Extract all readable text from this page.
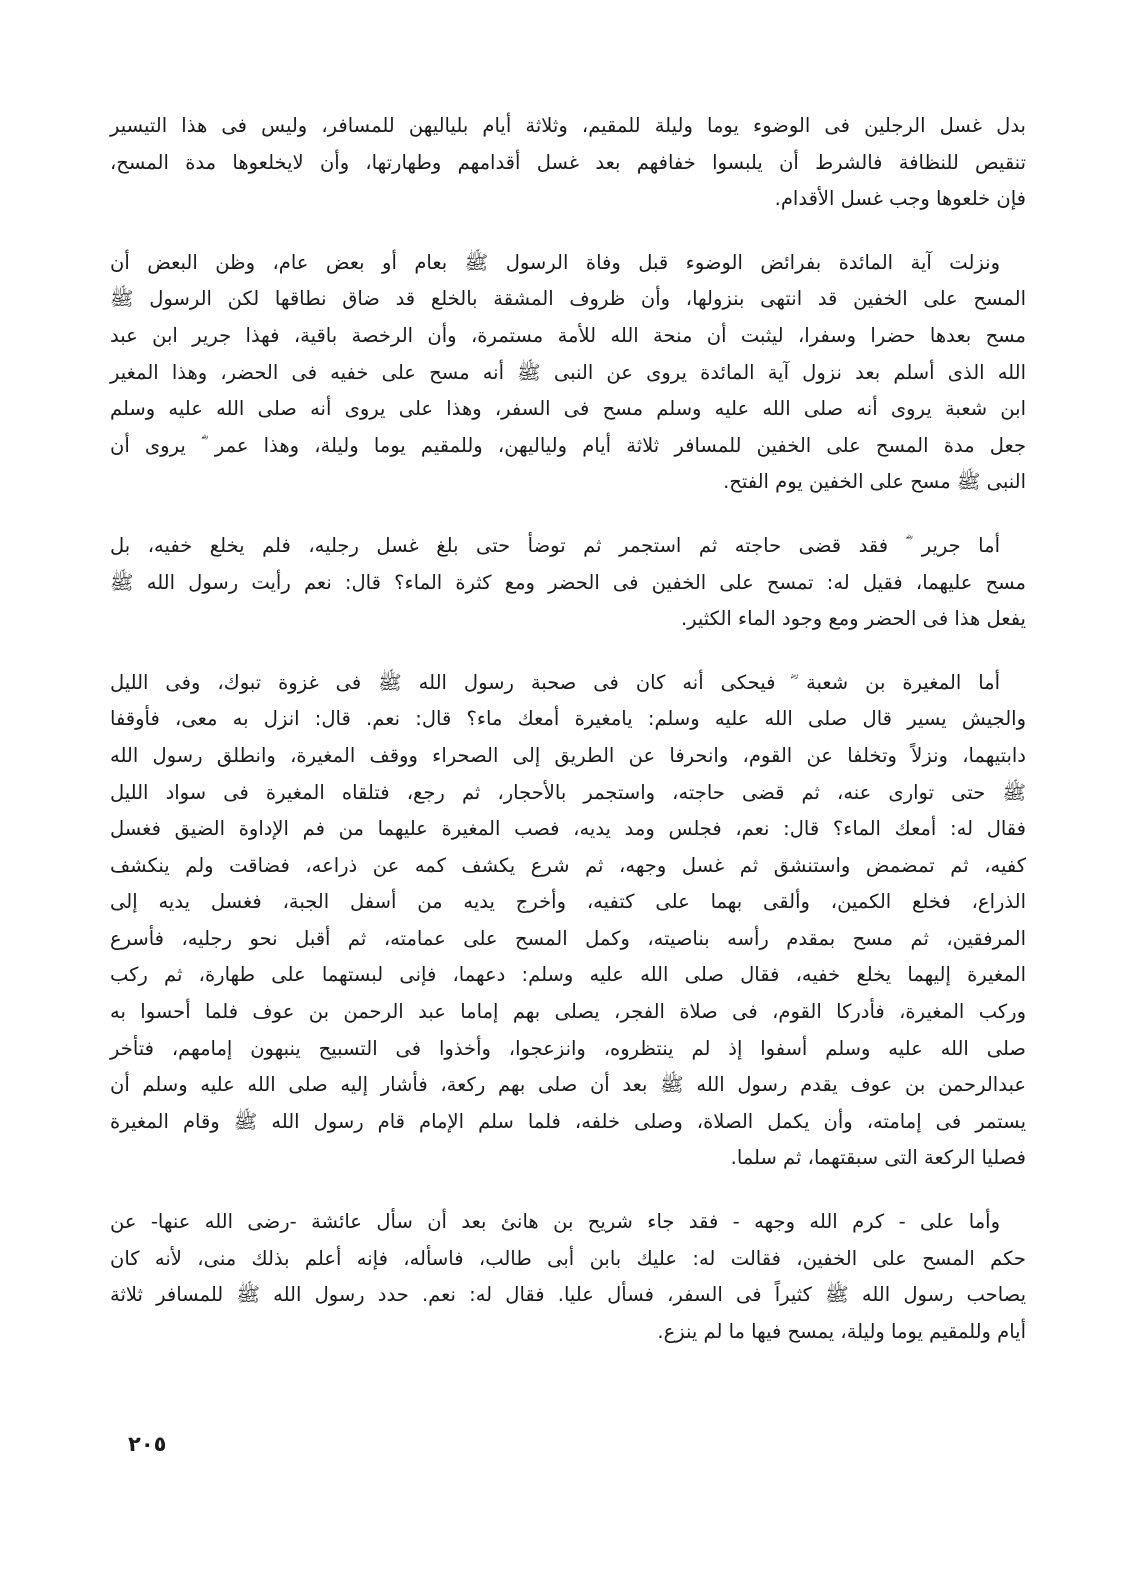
بدل غسل الرجلين فى الوضوء يوما وليلة للمقيم، وثلاثة أيام بلياليهن للمسافر، وليس فى هذا التيسير
تنقيص للنظافة فالشرط أن يلبسوا خفافهم بعد غسل أقدامهم وطهارتها، وأن لايخلعوها مدة المسح،
فإن خلعوها وجب غسل الأقدام.
ونزلت آية المائدة بفرائض الوضوء قبل وفاة الرسول ﷺ بعام أو بعض عام، وظن البعض أن
المسح على الخفين قد انتهى بنزولها، وأن ظروف المشقة بالخلع قد ضاق نطاقها لكن الرسول ﷺ
مسح بعدها حضرا وسفرا، ليثبت أن منحة الله للأمة مستمرة، وأن الرخصة باقية، فهذا جرير ابن عبد
الله الذى أسلم بعد نزول آية المائدة يروى عن النبى ﷺ أنه مسح على خفيه فى الحضر، وهذا المغير
ابن شعبة يروى أنه صلى الله عليه وسلم مسح فى السفر، وهذا على يروى أنه صلى الله عليه وسلم
جعل مدة المسح على الخفين للمسافر ثلاثة أيام ولياليهن، وللمقيم يوما وليلة، وهذا عمر ؓ يروى أن
النبى ﷺ مسح على الخفين يوم الفتح.
أما جرير ؓ فقد قضى حاجته ثم استجمر ثم توضأ حتى بلغ غسل رجليه، فلم يخلع خفيه، بل
مسح عليهما، فقيل له: تمسح على الخفين فى الحضر ومع كثرة الماء؟ قال: نعم رأيت رسول الله ﷺ
يفعل هذا فى الحضر ومع وجود الماء الكثير.
أما المغيرة بن شعبة ؓ فيحكى أنه كان فى صحبة رسول الله ﷺ فى غزوة تبوك، وفى الليل
والجيش يسير قال صلى الله عليه وسلم: يامغيرة أمعك ماء؟ قال: نعم. قال: انزل به معى، فأوقفا
دابتيهما، ونزلاً وتخلفا عن القوم، وانحرفا عن الطريق إلى الصحراء ووقف المغيرة، وانطلق رسول الله
ﷺ حتى توارى عنه، ثم قضى حاجته، واستجمر بالأحجار، ثم رجع، فتلقاه المغيرة فى سواد الليل
فقال له: أمعك الماء؟ قال: نعم، فجلس ومد يديه، فصب المغيرة عليهما من فم الإداوة الضيق فغسل
كفيه، ثم تمضمض واستنشق ثم غسل وجهه، ثم شرع يكشف كمه عن ذراعه، فضاقت ولم ينكشف
الذراع، فخلع الكمين، وألقى بهما على كتفيه، وأخرج يديه من أسفل الجبة، فغسل يديه إلى
المرفقين، ثم مسح بمقدم رأسه بناصيته، وكمل المسح على عمامته، ثم أقبل نحو رجليه، فأسرع
المغيرة إليهما يخلع خفيه، فقال صلى الله عليه وسلم: دعهما، فإنى لبستهما على طهارة، ثم ركب
وركب المغيرة، فأدركا القوم، فى صلاة الفجر، يصلى بهم إماما عبد الرحمن بن عوف فلما أحسوا به
صلى الله عليه وسلم أسفوا إذ لم ينتظروه، وانزعجوا، وأخذوا فى التسبيح ينبهون إمامهم، فتأخر
عبدالرحمن بن عوف يقدم رسول الله ﷺ بعد أن صلى بهم ركعة، فأشار إليه صلى الله عليه وسلم أن
يستمر فى إمامته، وأن يكمل الصلاة، وصلى خلفه، فلما سلم الإمام قام رسول الله ﷺ وقام المغيرة
فصليا الركعة التى سبقتهما، ثم سلما.
وأما على - كرم الله وجهه - فقد جاء شريح بن هانئ بعد أن سأل عائشة -رضى الله عنها- عن
حكم المسح على الخفين، فقالت له: عليك بابن أبى طالب، فاسأله، فإنه أعلم بذلك منى، لأنه كان
يصاحب رسول الله ﷺ كثيراً فى السفر، فسأل عليا. فقال له: نعم. حدد رسول الله ﷺ للمسافر ثلاثة
أيام وللمقيم يوما وليلة، يمسح فيها ما لم ينزع.
٢٠٥
